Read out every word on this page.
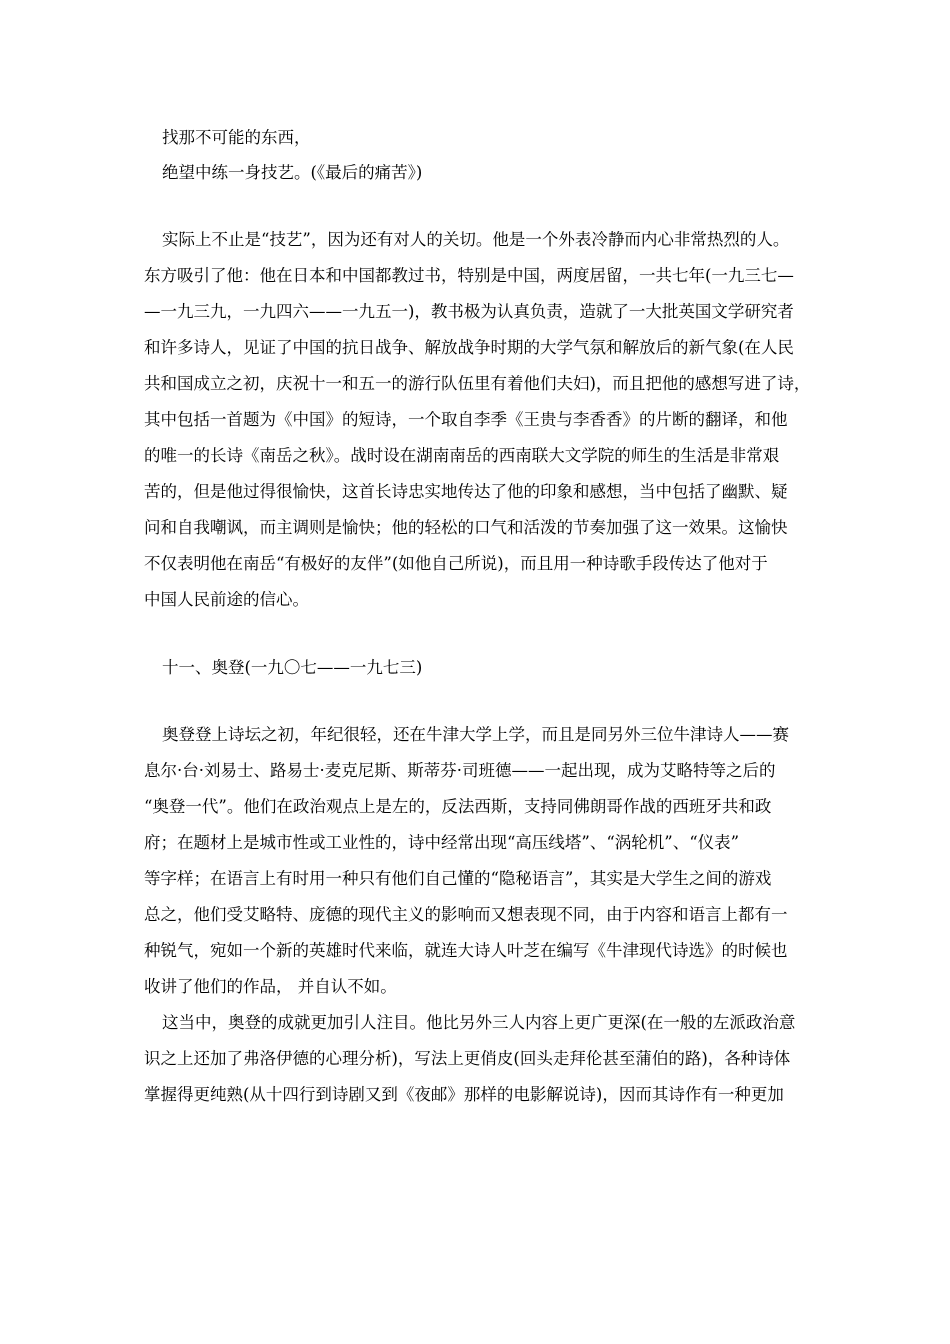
找那不可能的东西，
绝望中练一身技艺。(《最后的痛苦》)
实际上不止是“技艺”，因为还有对人的关切。他是一个外表冷静而内心非常热烈的人。
东方吸引了他：他在日本和中国都教过书，特别是中国，两度居留，一共七年(一九三七—
—一九三九，一九四六——一九五一)，教书极为认真负责，造就了一大批英国文学研究者
和许多诗人，见证了中国的抗日战争、解放战争时期的大学气氛和解放后的新气象(在人民
共和国成立之初，庆祝十一和五一的游行队伍里有着他们夫妇)，而且把他的感想写进了诗，
其中包括一首题为《中国》的短诗，一个取自李季《王贵与李香香》的片断的翻译，和他
的唯一的长诗《南岳之秋》。战时设在湖南南岳的西南联大文学院的师生的生活是非常艰
苦的，但是他过得很愉快，这首长诗忠实地传达了他的印象和感想，当中包括了幽默、疑
问和自我嘲讽，而主调则是愉快；他的轻松的口气和活泼的节奏加强了这一效果。这愉快
不仅表明他在南岳“有极好的友伴”(如他自己所说)，而且用一种诗歌手段传达了他对于
中国人民前途的信心。
十一、奥登(一九〇七——一九七三)
奥登登上诗坛之初，年纪很轻，还在牛津大学上学，而且是同另外三位牛津诗人——赛
息尔·台·刘易士、路易士·麦克尼斯、斯蒂芬·司班德——一起出现，成为艾略特等之后的
“奥登一代”。他们在政治观点上是左的，反法西斯，支持同佛朗哥作战的西班牙共和政
府；在题材上是城市性或工业性的，诗中经常出现“高压线塔”、“涡轮机”、“仪表”
等字样；在语言上有时用一种只有他们自己懂的“隐秘语言”，其实是大学生之间的游戏
总之，他们受艾略特、庞德的现代主义的影响而又想表现不同，由于内容和语言上都有一
种锐气，宛如一个新的英雄时代来临，就连大诗人叶芝在编写《牛津现代诗选》的时候也
收讲了他们的作品， 并自认不如。
这当中，奥登的成就更加引人注目。他比另外三人内容上更广更深(在一般的左派政治意
识之上还加了弗洛伊德的心理分析)，写法上更俏皮(回头走拜伦甚至蒲伯的路)，各种诗体
掌握得更纯熟(从十四行到诗剧又到《夜邮》那样的电影解说诗)，因而其诗作有一种更加
